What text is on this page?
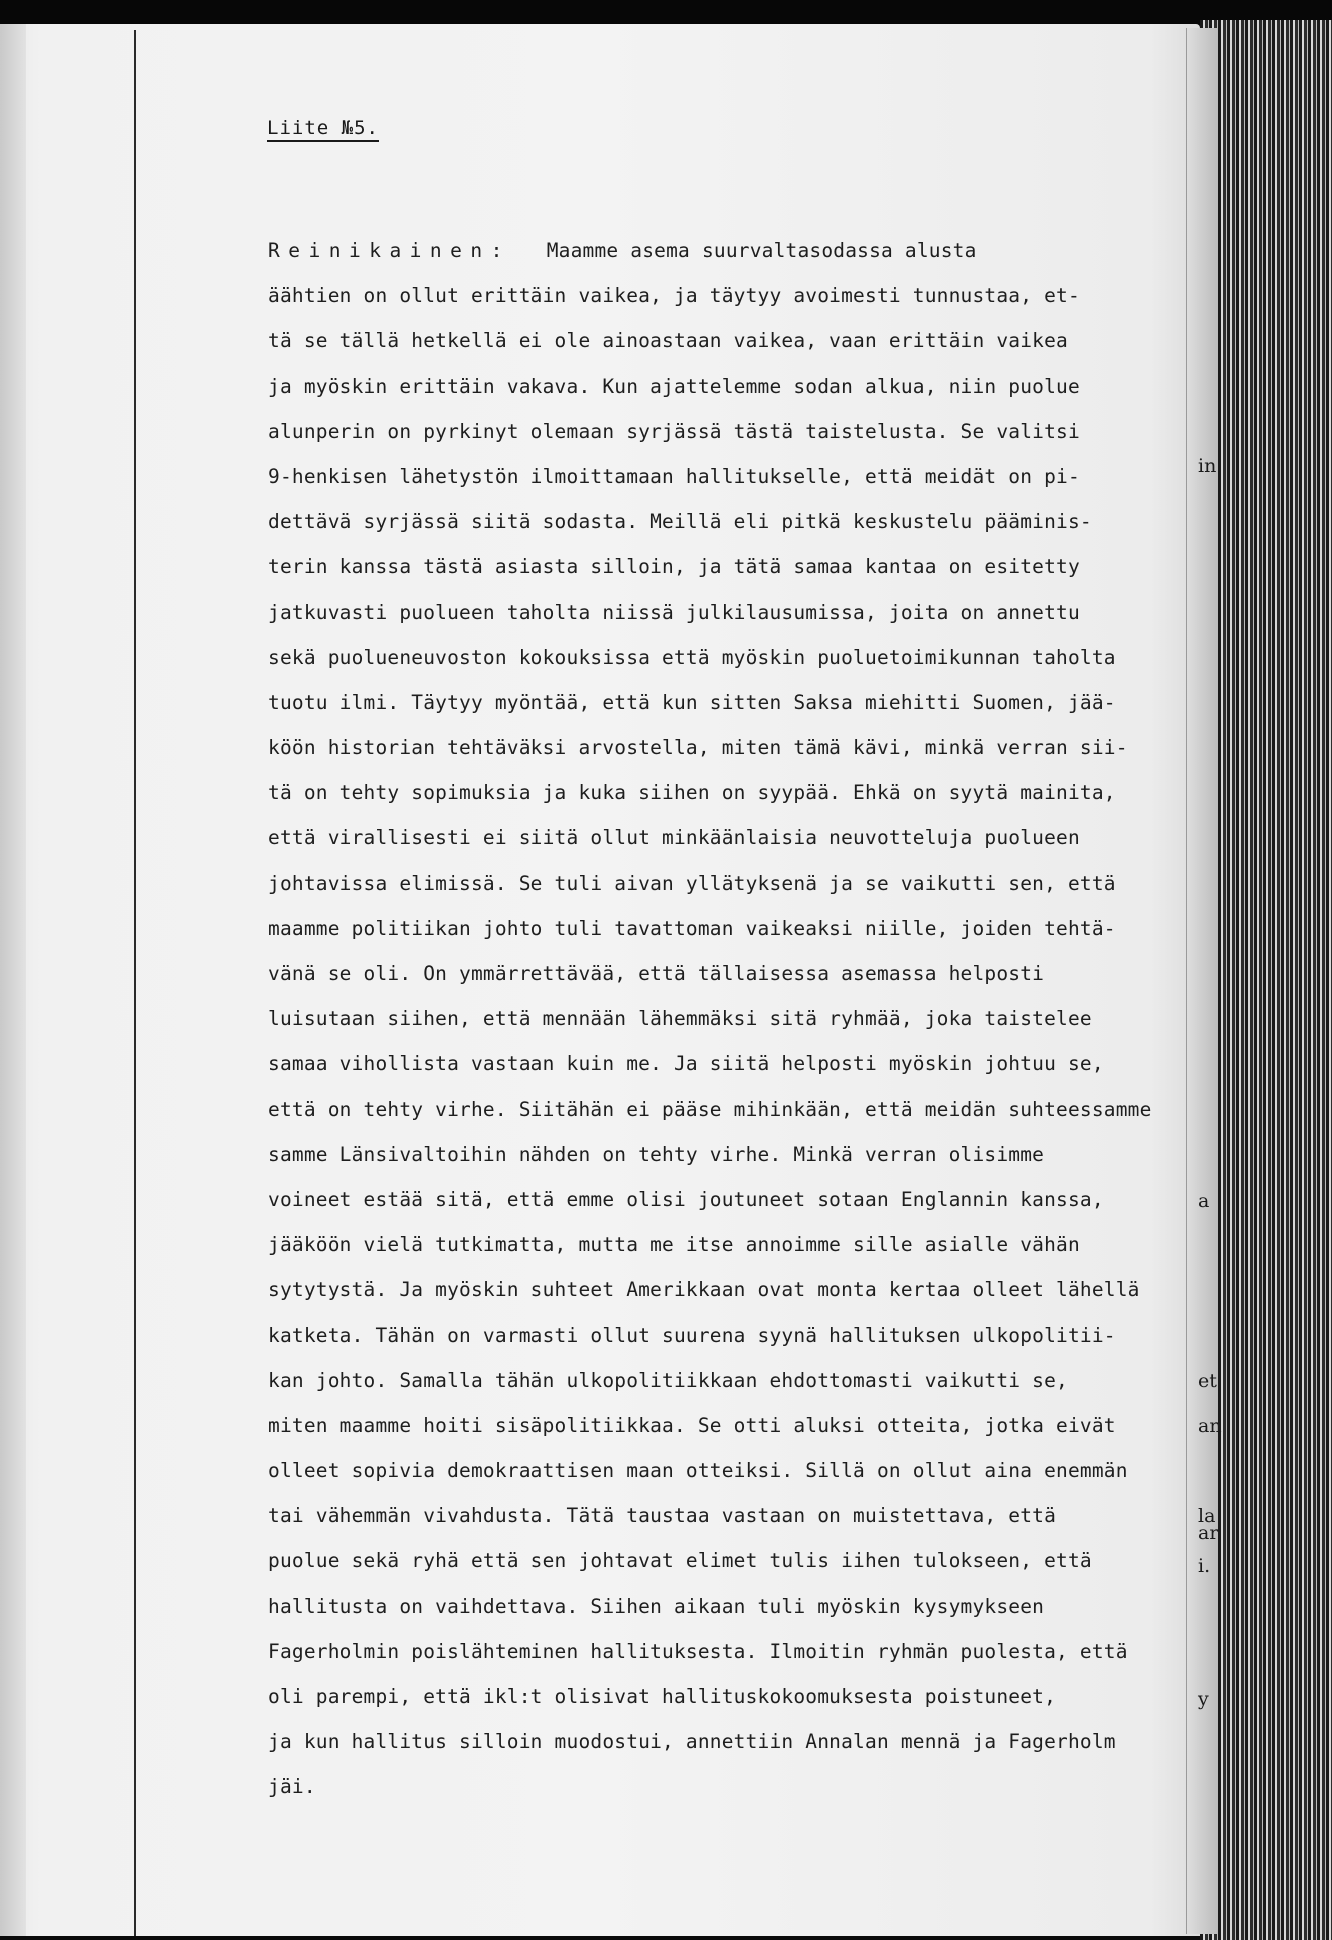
Liite №5.
Reinikainen: Maamme asema suurvaltasodassa alusta
äähtien on ollut erittäin vaikea, ja täytyy avoimesti tunnustaa, et-
tä se tällä hetkellä ei ole ainoastaan vaikea, vaan erittäin vaikea
ja myöskin erittäin vakava. Kun ajattelemme sodan alkua, niin puolue
alunperin on pyrkinyt olemaan syrjässä tästä taistelusta. Se valitsi
9-henkisen lähetystön ilmoittamaan hallitukselle, että meidät on pi-
dettävä syrjässä siitä sodasta. Meillä eli pitkä keskustelu pääminis-
terin kanssa tästä asiasta silloin, ja tätä samaa kantaa on esitetty
jatkuvasti puolueen taholta niissä julkilausumissa, joita on annettu
sekä puolueneuvoston kokouksissa että myöskin puoluetoimikunnan taholta
tuotu ilmi. Täytyy myöntää, että kun sitten Saksa miehitti Suomen, jää-
köön historian tehtäväksi arvostella, miten tämä kävi, minkä verran sii-
tä on tehty sopimuksia ja kuka siihen on syypää. Ehkä on syytä mainita,
että virallisesti ei siitä ollut minkäänlaisia neuvotteluja puolueen
johtavissa elimissä. Se tuli aivan yllätyksenä ja se vaikutti sen, että
maamme politiikan johto tuli tavattoman vaikeaksi niille, joiden tehtä-
vänä se oli. On ymmärrettävää, että tällaisessa asemassa helposti
luisutaan siihen, että mennään lähemmäksi sitä ryhmää, joka taistelee
samaa vihollista vastaan kuin me. Ja siitä helposti myöskin johtuu se,
että on tehty virhe. Siitähän ei pääse mihinkään, että meidän suhteessamme
samme Länsivaltoihin nähden on tehty virhe. Minkä verran olisimme
voineet estää sitä, että emme olisi joutuneet sotaan Englannin kanssa,
jääköön vielä tutkimatta, mutta me itse annoimme sille asialle vähän
sytytystä. Ja myöskin suhteet Amerikkaan ovat monta kertaa olleet lähellä
katketa. Tähän on varmasti ollut suurena syynä hallituksen ulkopolitii-
kan johto. Samalla tähän ulkopolitiikkaan ehdottomasti vaikutti se,
miten maamme hoiti sisäpolitiikkaa. Se otti aluksi otteita, jotka eivät
olleet sopivia demokraattisen maan otteiksi. Sillä on ollut aina enemmän
tai vähemmän vivahdusta. Tätä taustaa vastaan on muistettava, että
puolue sekä ryhä että sen johtavat elimet tulis iihen tulokseen, että
hallitusta on vaihdettava. Siihen aikaan tuli myöskin kysymykseen
Fagerholmin poislähteminen hallituksesta. Ilmoitin ryhmän puolesta, että
oli parempi, että ikl:t olisivat hallituskokoomuksesta poistuneet,
ja kun hallitus silloin muodostui, annettiin Annalan mennä ja Fagerholm
jäi.
in
a
et
an
la
ar
i.
y
